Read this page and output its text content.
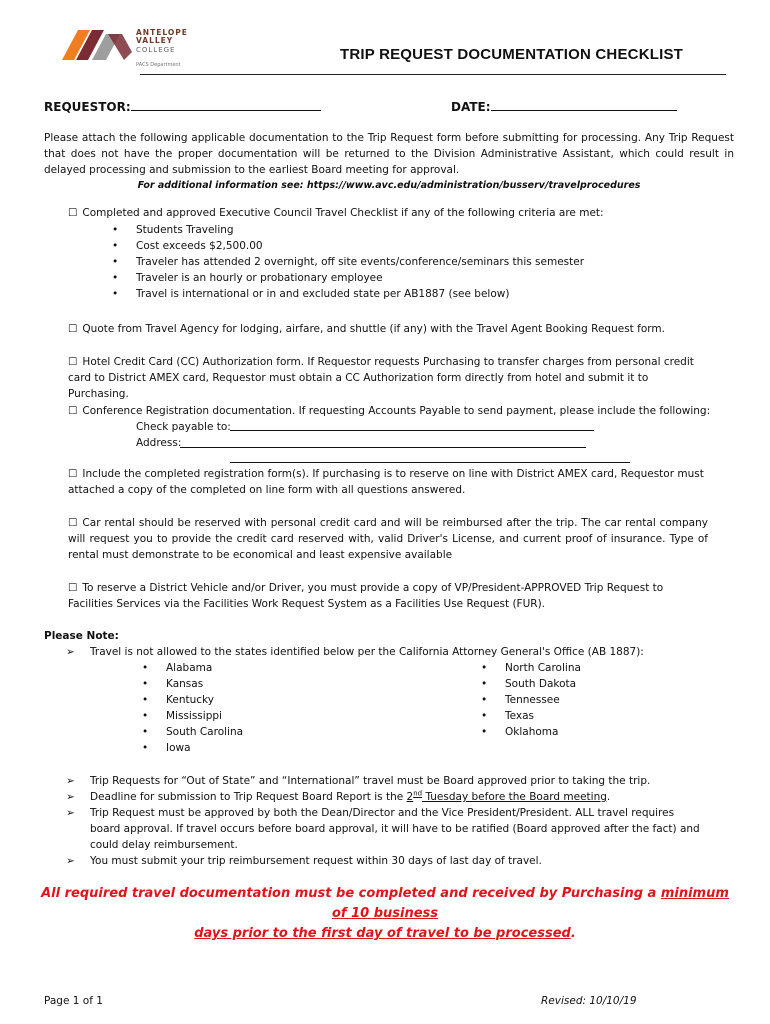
ANTELOPE
VALLEY
COLLEGE
PACS Department
TRIP REQUEST DOCUMENTATION CHECKLIST
REQUESTOR:	DATE:
Please attach the following applicable documentation to the Trip Request form before submitting for processing. Any Trip Request that does not have the proper documentation will be returned to the Division Administrative Assistant, which could result in delayed processing and submission to the earliest Board meeting for approval.
For additional information see: https://www.avc.edu/administration/busserv/travelprocedures
☐ Completed and approved Executive Council Travel Checklist if any of the following criteria are met:
• Students Traveling
• Cost exceeds $2,500.00
• Traveler has attended 2 overnight, off site events/conference/seminars this semester
• Traveler is an hourly or probationary employee
• Travel is international or in and excluded state per AB1887 (see below)
☐ Quote from Travel Agency for lodging, airfare, and shuttle (if any) with the Travel Agent Booking Request form.
☐ Hotel Credit Card (CC) Authorization form. If Requestor requests Purchasing to transfer charges from personal credit card to District AMEX card, Requestor must obtain a CC Authorization form directly from hotel and submit it to Purchasing.
☐ Conference Registration documentation. If requesting Accounts Payable to send payment, please include the following:
Check payable to:
Address:
☐ Include the completed registration form(s). If purchasing is to reserve on line with District AMEX card, Requestor must attached a copy of the completed on line form with all questions answered.
☐ Car rental should be reserved with personal credit card and will be reimbursed after the trip. The car rental company will request you to provide the credit card reserved with, valid Driver's License, and current proof of insurance. Type of rental must demonstrate to be economical and least expensive available
☐ To reserve a District Vehicle and/or Driver, you must provide a copy of VP/President-APPROVED Trip Request to Facilities Services via the Facilities Work Request System as a Facilities Use Request (FUR).
Please Note:
➢ Travel is not allowed to the states identified below per the California Attorney General's Office (AB 1887):
• Alabama
• Kansas
• Kentucky
• Mississippi
• South Carolina
• Iowa
• North Carolina
• South Dakota
• Tennessee
• Texas
• Oklahoma
➢ Trip Requests for “Out of State” and “International” travel must be Board approved prior to taking the trip.
➢ Deadline for submission to Trip Request Board Report is the 2nd Tuesday before the Board meeting.
➢ Trip Request must be approved by both the Dean/Director and the Vice President/President. ALL travel requires board approval. If travel occurs before board approval, it will have to be ratified (Board approved after the fact) and could delay reimbursement.
➢ You must submit your trip reimbursement request within 30 days of last day of travel.
All required travel documentation must be completed and received by Purchasing a minimum of 10 business
days prior to the first day of travel to be processed.
Page 1 of 1	Revised: 10/10/19
